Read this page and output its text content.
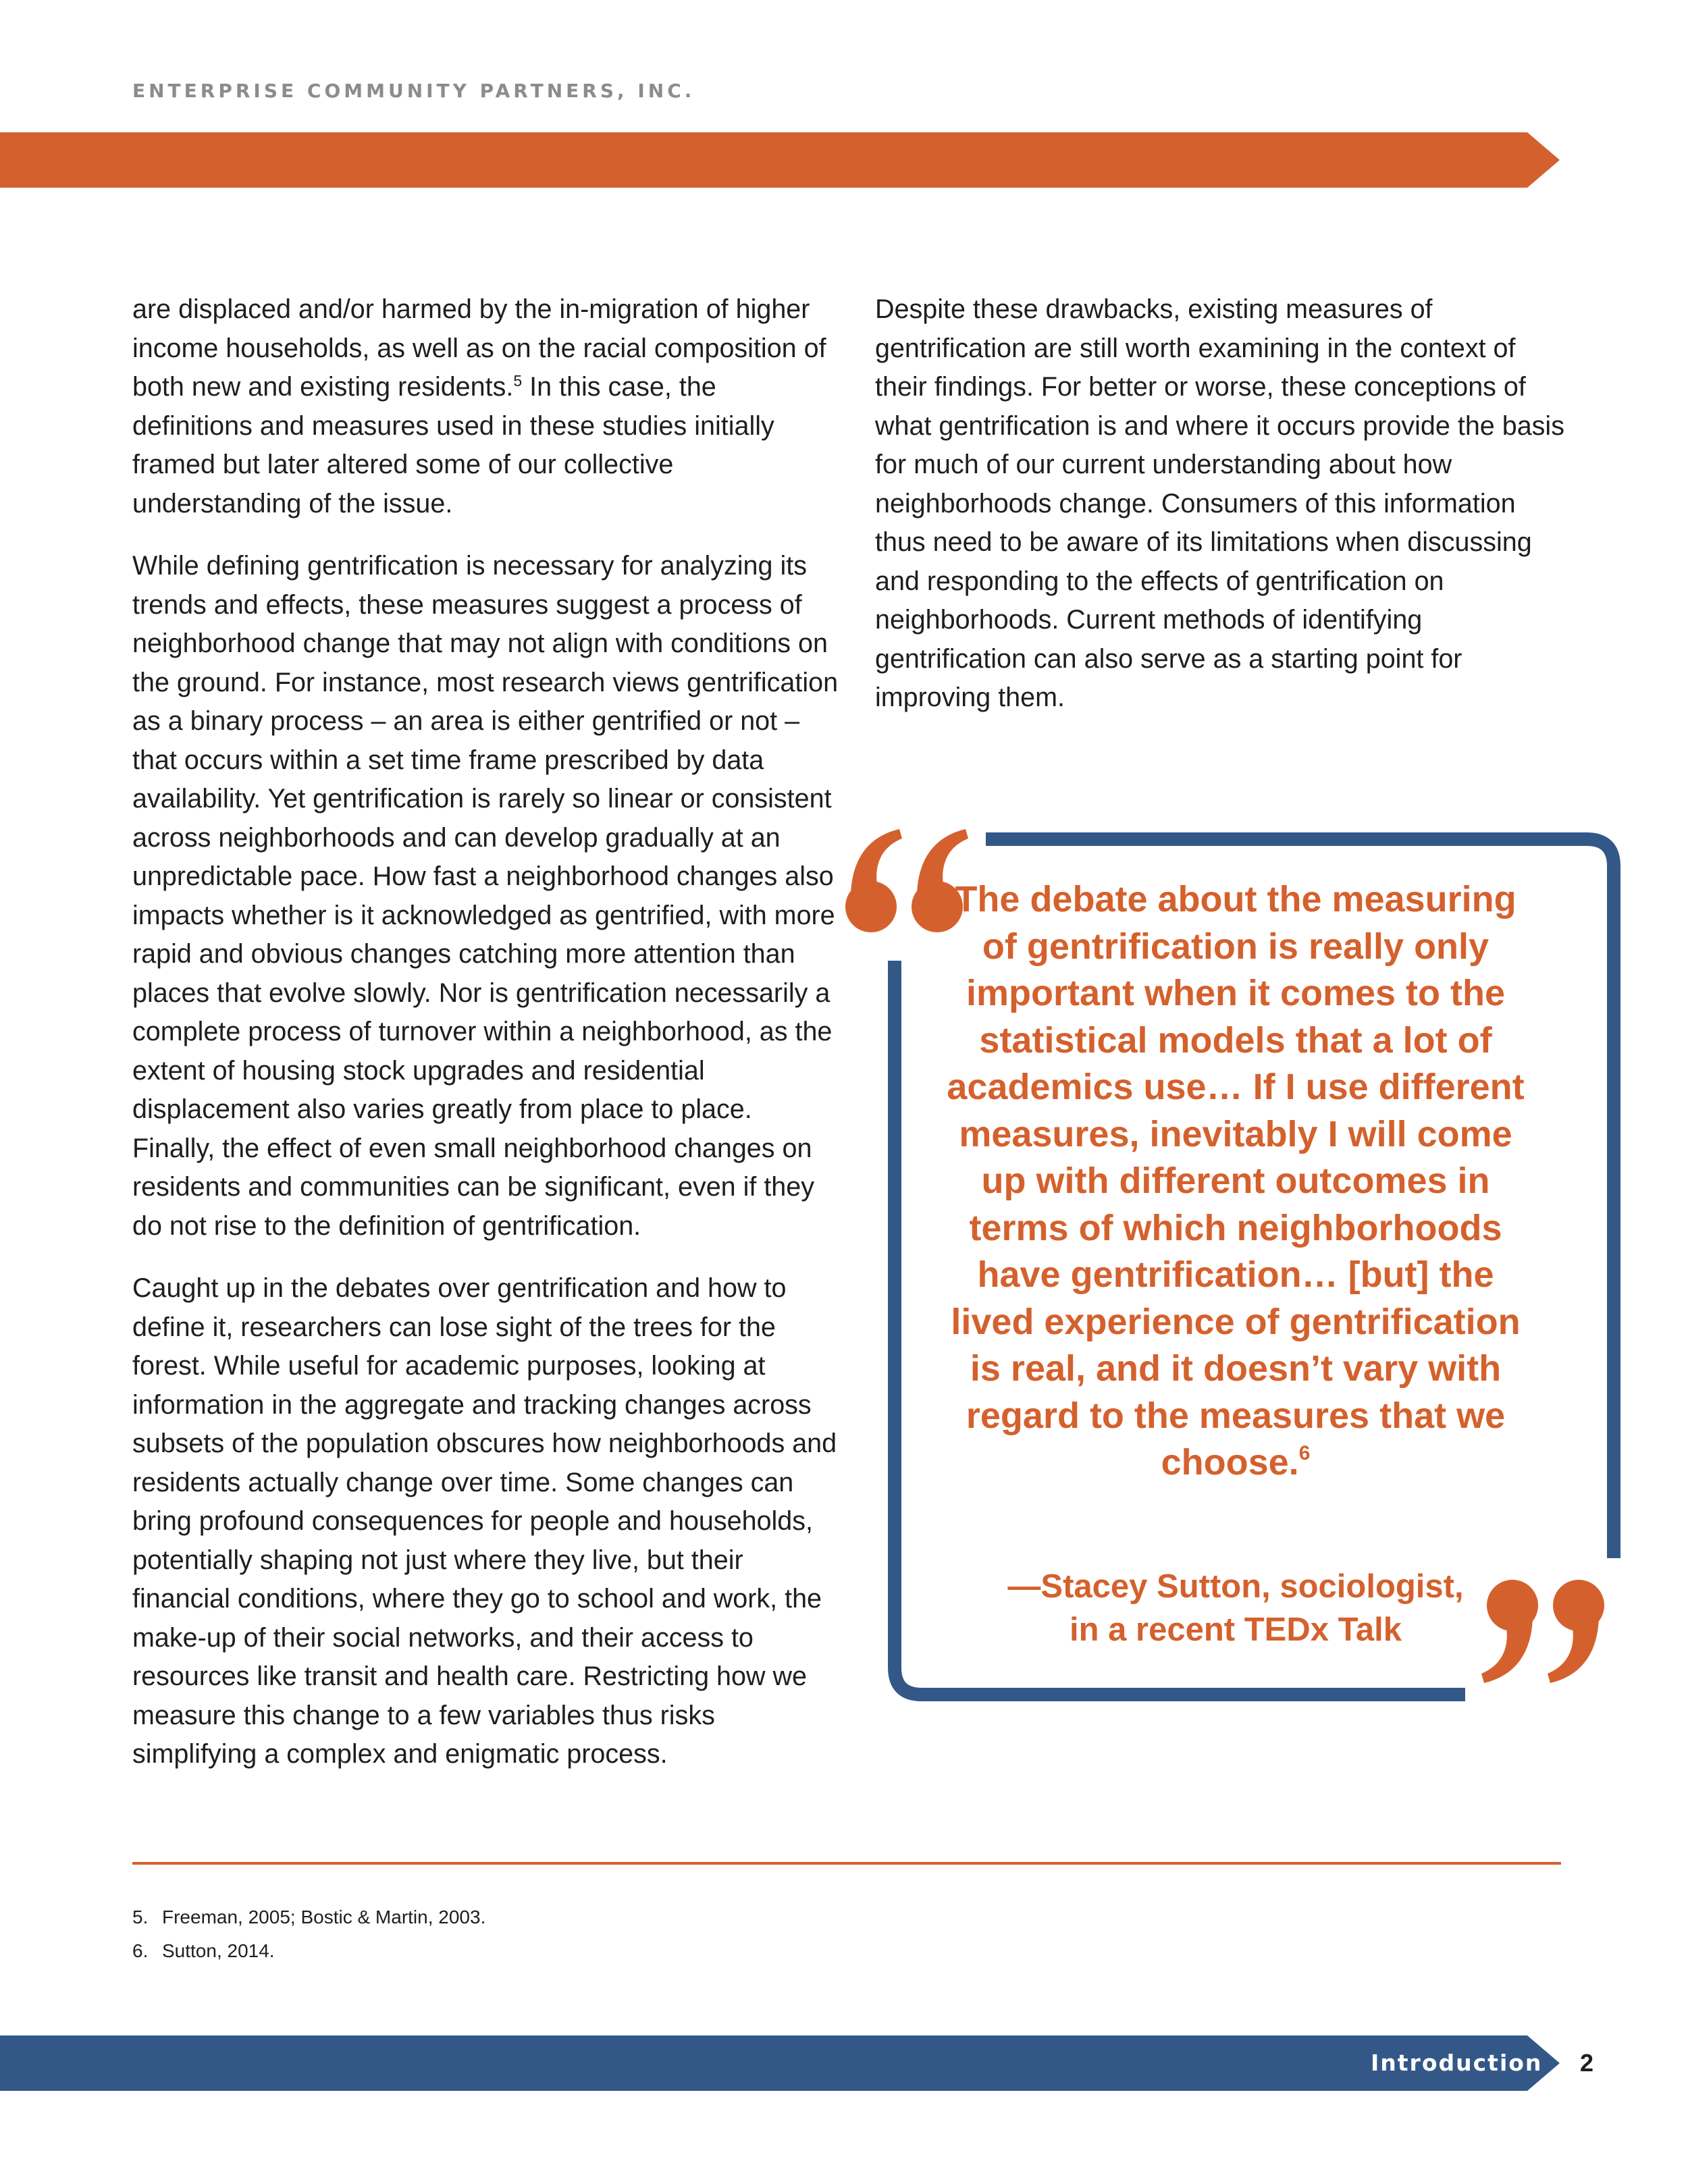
ENTERPRISE COMMUNITY PARTNERS, INC.

are displaced and/or harmed by the in-migration of higher income households, as well as on the racial composition of both new and existing residents.$^5$ In this case, the definitions and measures used in these studies initially framed but later altered some of our collective understanding of the issue.

While defining gentrification is necessary for analyzing its trends and effects, these measures suggest a process of neighborhood change that may not align with conditions on the ground. For instance, most research views gentrification as a binary process – an area is either gentrified or not – that occurs within a set time frame prescribed by data availability. Yet gentrification is rarely so linear or consistent across neighborhoods and can develop gradually at an unpredictable pace. How fast a neighborhood changes also impacts whether is it acknowledged as gentrified, with more rapid and obvious changes catching more attention than places that evolve slowly. Nor is gentrification necessarily a complete process of turnover within a neighborhood, as the extent of housing stock upgrades and residential displacement also varies greatly from place to place. Finally, the effect of even small neighborhood changes on residents and communities can be significant, even if they do not rise to the definition of gentrification.

Caught up in the debates over gentrification and how to define it, researchers can lose sight of the trees for the forest. While useful for academic purposes, looking at information in the aggregate and tracking changes across subsets of the population obscures how neighborhoods and residents actually change over time. Some changes can bring profound consequences for people and households, potentially shaping not just where they live, but their financial conditions, where they go to school and work, the make-up of their social networks, and their access to resources like transit and health care. Restricting how we measure this change to a few variables thus risks simplifying a complex and enigmatic process.

Despite these drawbacks, existing measures of gentrification are still worth examining in the context of their findings. For better or worse, these conceptions of what gentrification is and where it occurs provide the basis for much of our current understanding about how neighborhoods change. Consumers of this information thus need to be aware of its limitations when discussing and responding to the effects of gentrification on neighborhoods. Current methods of identifying gentrification can also serve as a starting point for improving them.

The debate about the measuring of gentrification is really only important when it comes to the statistical models that a lot of academics use… If I use different measures, inevitably I will come up with different outcomes in terms of which neighborhoods have gentrification… [but] the lived experience of gentrification is real, and it doesn’t vary with regard to the measures that we choose.$^6$
—Stacey Sutton, sociologist,
in a recent TEDx Talk
5. Freeman, 2005; Bostic & Martin, 2003.
6. Sutton, 2014.
Introduction 2
